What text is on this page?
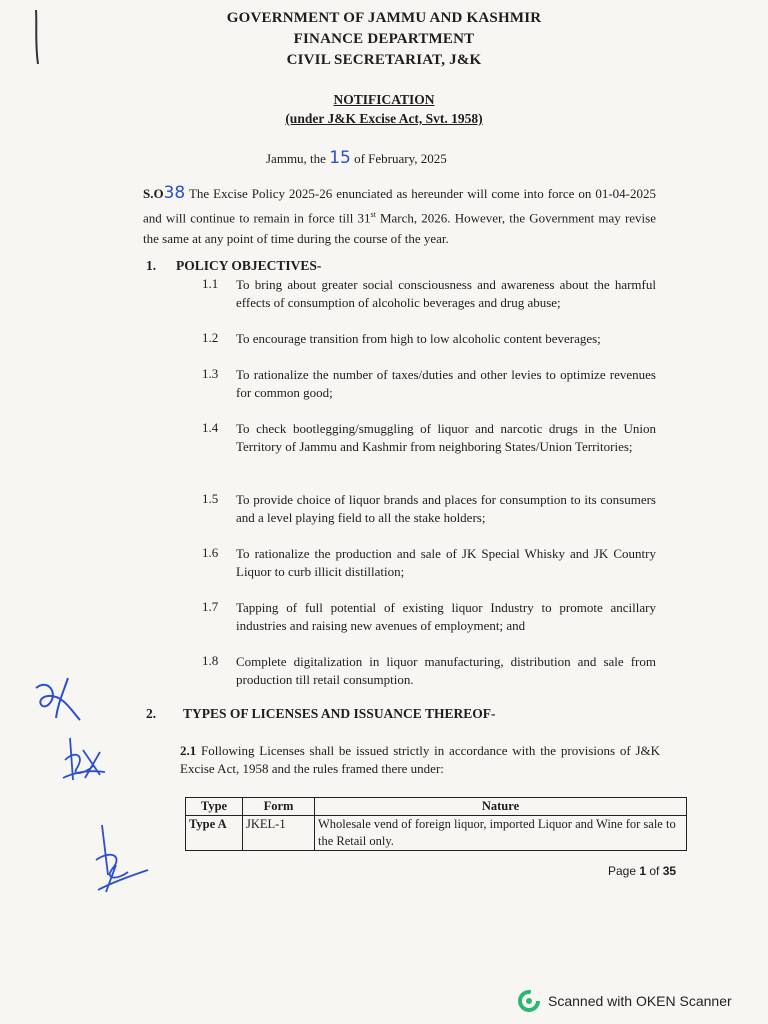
GOVERNMENT OF JAMMU AND KASHMIR
FINANCE DEPARTMENT
CIVIL SECRETARIAT, J&K
NOTIFICATION
(under J&K Excise Act, Svt. 1958)
Jammu, the 15 of February, 2025
S.O38 The Excise Policy 2025-26 enunciated as hereunder will come into force on 01-04-2025 and will continue to remain in force till 31st March, 2026. However, the Government may revise the same at any point of time during the course of the year.
1. POLICY OBJECTIVES-
1.1 To bring about greater social consciousness and awareness about the harmful effects of consumption of alcoholic beverages and drug abuse;
1.2 To encourage transition from high to low alcoholic content beverages;
1.3 To rationalize the number of taxes/duties and other levies to optimize revenues for common good;
1.4 To check bootlegging/smuggling of liquor and narcotic drugs in the Union Territory of Jammu and Kashmir from neighboring States/Union Territories;
1.5 To provide choice of liquor brands and places for consumption to its consumers and a level playing field to all the stake holders;
1.6 To rationalize the production and sale of JK Special Whisky and JK Country Liquor to curb illicit distillation;
1.7 Tapping of full potential of existing liquor Industry to promote ancillary industries and raising new avenues of employment; and
1.8 Complete digitalization in liquor manufacturing, distribution and sale from production till retail consumption.
2. TYPES OF LICENSES AND ISSUANCE THEREOF-
2.1 Following Licenses shall be issued strictly in accordance with the provisions of J&K Excise Act, 1958 and the rules framed there under:
Type	Form	Nature
Type A	JKEL-1	Wholesale vend of foreign liquor, imported Liquor and Wine for sale to the Retail only.
Page 1 of 35
Scanned with OKEN Scanner
